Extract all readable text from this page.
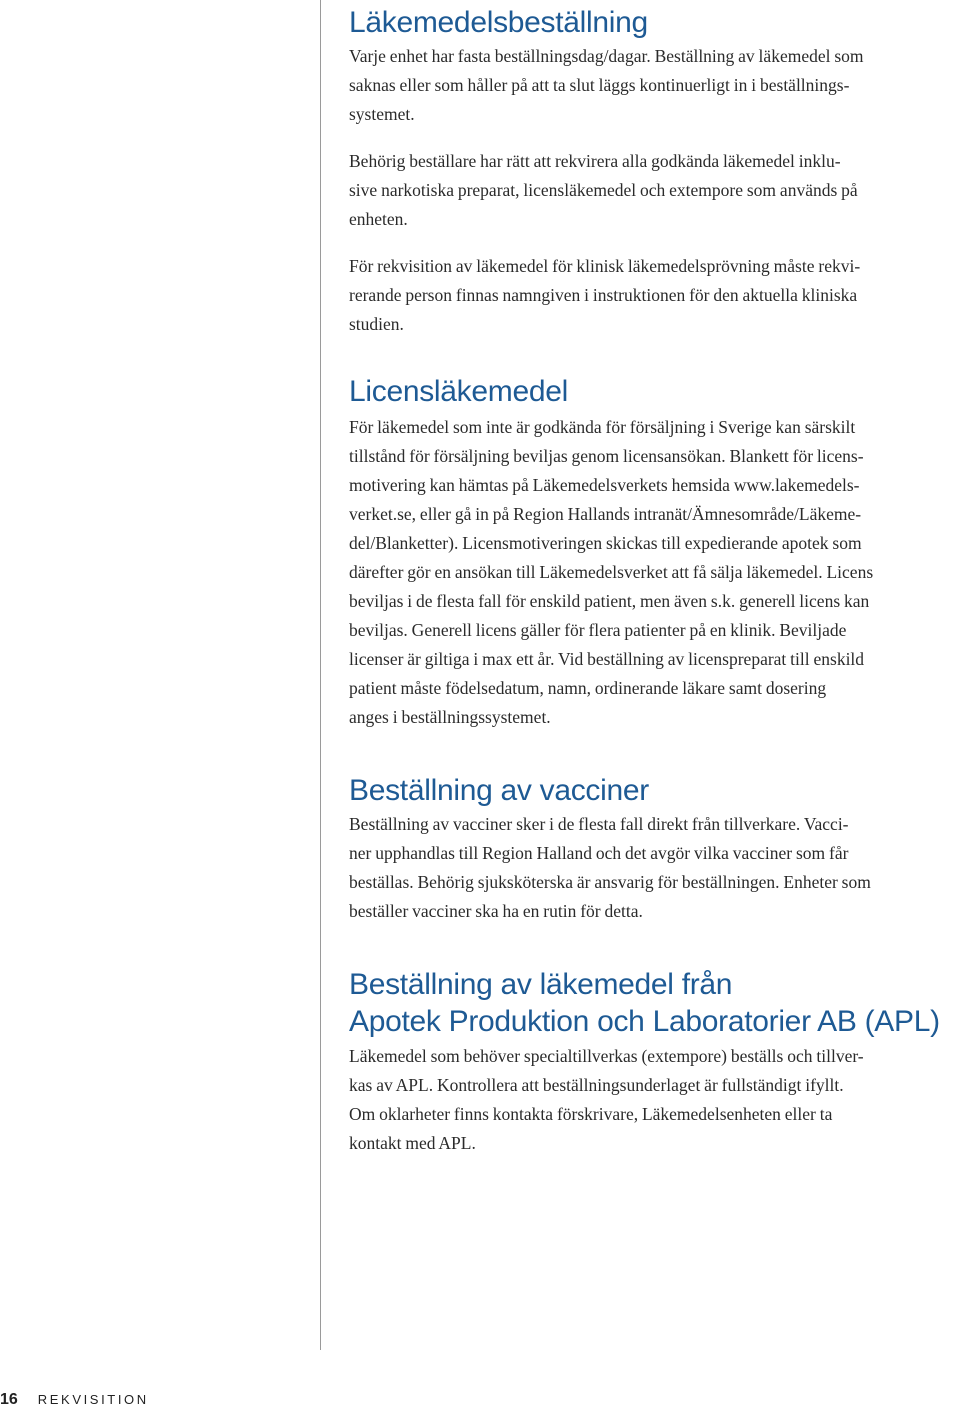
Läkemedelsbeställning

Varje enhet har fasta beställningsdag/dagar. Beställning av läkemedel som
saknas eller som håller på att ta slut läggs kontinuerligt in i beställnings-
systemet.

Behörig beställare har rätt att rekvirera alla godkända läkemedel inklu-
sive narkotiska preparat, licensläkemedel och extempore som används på
enheten.

För rekvisition av läkemedel för klinisk läkemedelsprövning måste rekvi-
rerande person finnas namngiven i instruktionen för den aktuella kliniska
studien.

Licensläkemedel

För läkemedel som inte är godkända för försäljning i Sverige kan särskilt
tillstånd för försäljning beviljas genom licensansökan. Blankett för licens-
motivering kan hämtas på Läkemedelsverkets hemsida www.lakemedels-
verket.se, eller gå in på Region Hallands intranät/Ämnesområde/Läkeme-
del/Blanketter). Licensmotiveringen skickas till expedierande apotek som
därefter gör en ansökan till Läkemedelsverket att få sälja läkemedel. Licens
beviljas i de flesta fall för enskild patient, men även s.k. generell licens kan
beviljas. Generell licens gäller för flera patienter på en klinik. Beviljade
licenser är giltiga i max ett år. Vid beställning av licenspreparat till enskild
patient måste födelsedatum, namn, ordinerande läkare samt dosering
anges i beställningssystemet.

Beställning av vacciner

Beställning av vacciner sker i de flesta fall direkt från tillverkare. Vacci-
ner upphandlas till Region Halland och det avgör vilka vacciner som får
beställas. Behörig sjuksköterska är ansvarig för beställningen. Enheter som
beställer vacciner ska ha en rutin för detta.

Beställning av läkemedel från
Apotek Produktion och Laboratorier AB (APL)

Läkemedel som behöver specialtillverkas (extempore) beställs och tillver-
kas av APL. Kontrollera att beställningsunderlaget är fullständigt ifyllt.
Om oklarheter finns kontakta förskrivare, Läkemedelsenheten eller ta
kontakt med APL.

16 REKVISITION
